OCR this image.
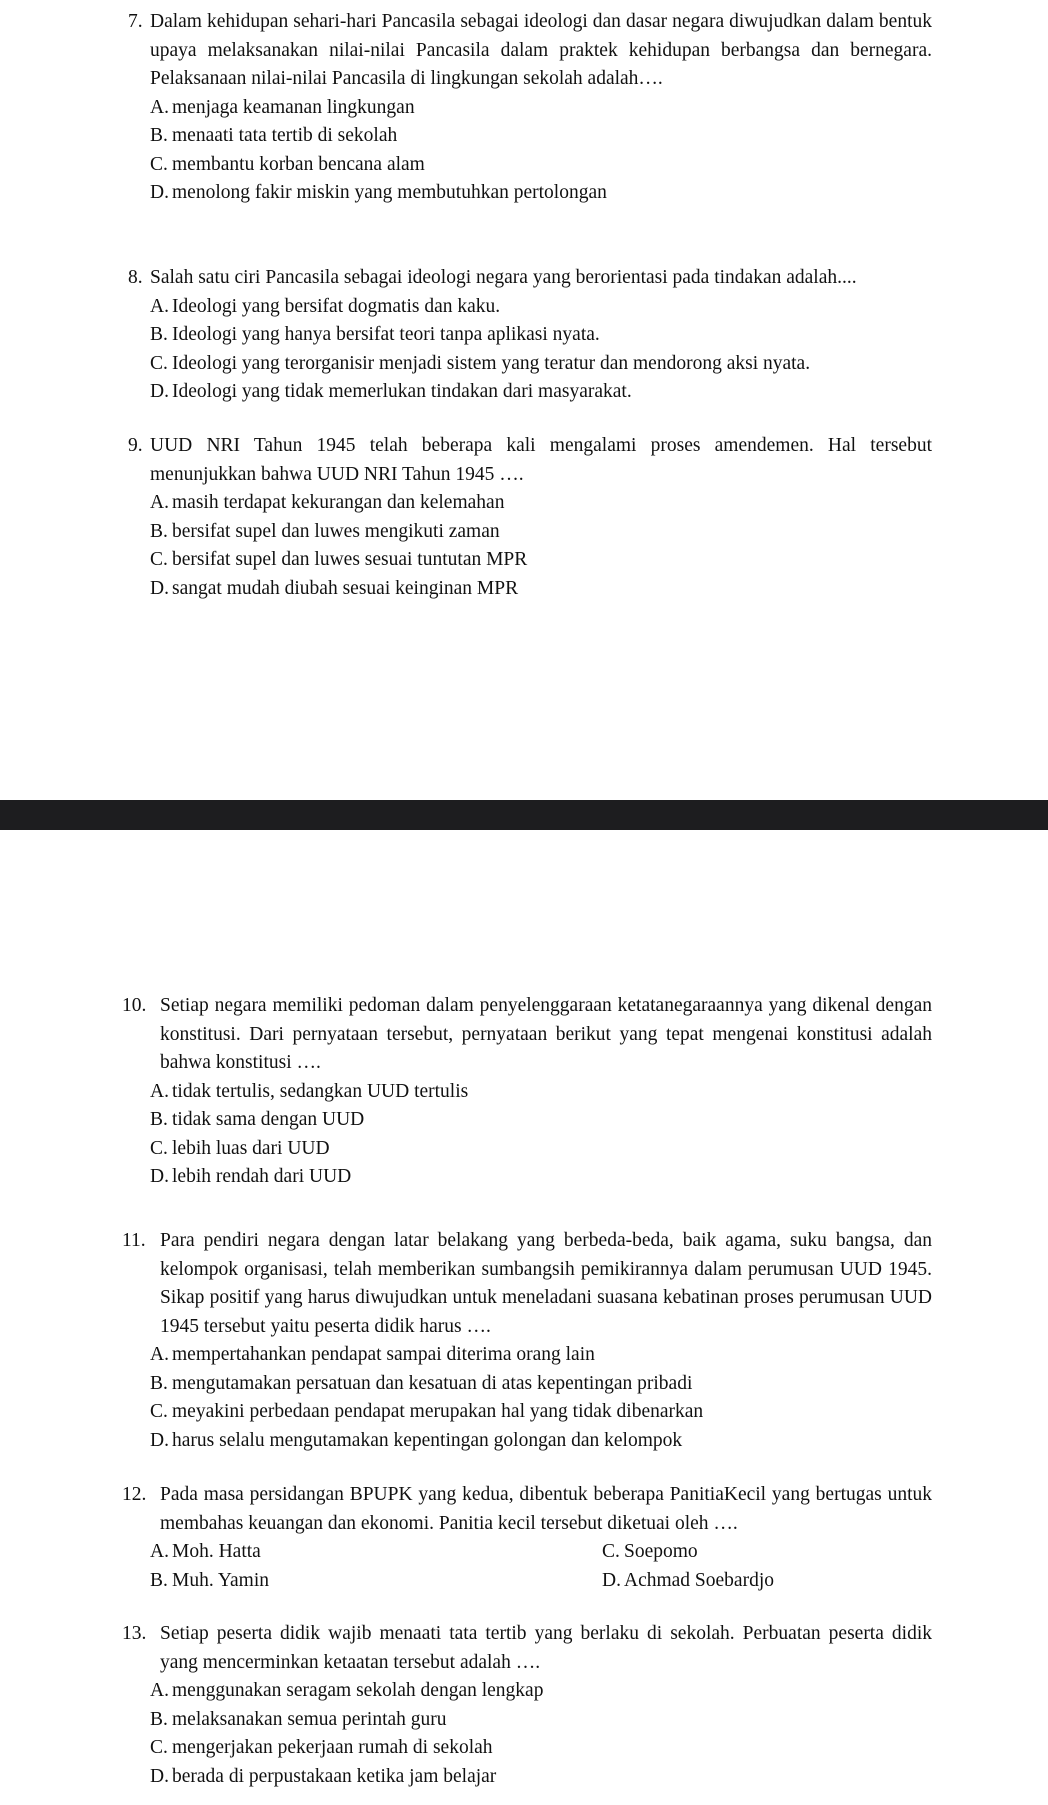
7. Dalam kehidupan sehari-hari Pancasila sebagai ideologi dan dasar negara diwujudkan dalam bentuk upaya melaksanakan nilai-nilai Pancasila dalam praktek kehidupan berbangsa dan bernegara. Pelaksanaan nilai-nilai Pancasila di lingkungan sekolah adalah….
A. menjaga keamanan lingkungan
B. menaati tata tertib di sekolah
C. membantu korban bencana alam
D. menolong fakir miskin yang membutuhkan pertolongan
8. Salah satu ciri Pancasila sebagai ideologi negara yang berorientasi pada tindakan adalah....
A. Ideologi yang bersifat dogmatis dan kaku.
B. Ideologi yang hanya bersifat teori tanpa aplikasi nyata.
C. Ideologi yang terorganisir menjadi sistem yang teratur dan mendorong aksi nyata.
D. Ideologi yang tidak memerlukan tindakan dari masyarakat.
9. UUD NRI Tahun 1945 telah beberapa kali mengalami proses amendemen. Hal tersebut menunjukkan bahwa UUD NRI Tahun 1945 ….
A. masih terdapat kekurangan dan kelemahan
B. bersifat supel dan luwes mengikuti zaman
C. bersifat supel dan luwes sesuai tuntutan MPR
D. sangat mudah diubah sesuai keinginan MPR
10. Setiap negara memiliki pedoman dalam penyelenggaraan ketatanegaraannya yang dikenal dengan konstitusi. Dari pernyataan tersebut, pernyataan berikut yang tepat mengenai konstitusi adalah bahwa konstitusi ….
A. tidak tertulis, sedangkan UUD tertulis
B. tidak sama dengan UUD
C. lebih luas dari UUD
D. lebih rendah dari UUD
11. Para pendiri negara dengan latar belakang yang berbeda-beda, baik agama, suku bangsa, dan kelompok organisasi, telah memberikan sumbangsih pemikirannya dalam perumusan UUD 1945. Sikap positif yang harus diwujudkan untuk meneladani suasana kebatinan proses perumusan UUD 1945 tersebut yaitu peserta didik harus ….
A. mempertahankan pendapat sampai diterima orang lain
B. mengutamakan persatuan dan kesatuan di atas kepentingan pribadi
C. meyakini perbedaan pendapat merupakan hal yang tidak dibenarkan
D. harus selalu mengutamakan kepentingan golongan dan kelompok
12. Pada masa persidangan BPUPK yang kedua, dibentuk beberapa PanitiaKecil yang bertugas untuk membahas keuangan dan ekonomi. Panitia kecil tersebut diketuai oleh ….
A. Moh. Hatta	C. Soepomo
B. Muh. Yamin	D. Achmad Soebardjo
13. Setiap peserta didik wajib menaati tata tertib yang berlaku di sekolah. Perbuatan peserta didik yang mencerminkan ketaatan tersebut adalah ….
A. menggunakan seragam sekolah dengan lengkap
B. melaksanakan semua perintah guru
C. mengerjakan pekerjaan rumah di sekolah
D. berada di perpustakaan ketika jam belajar
